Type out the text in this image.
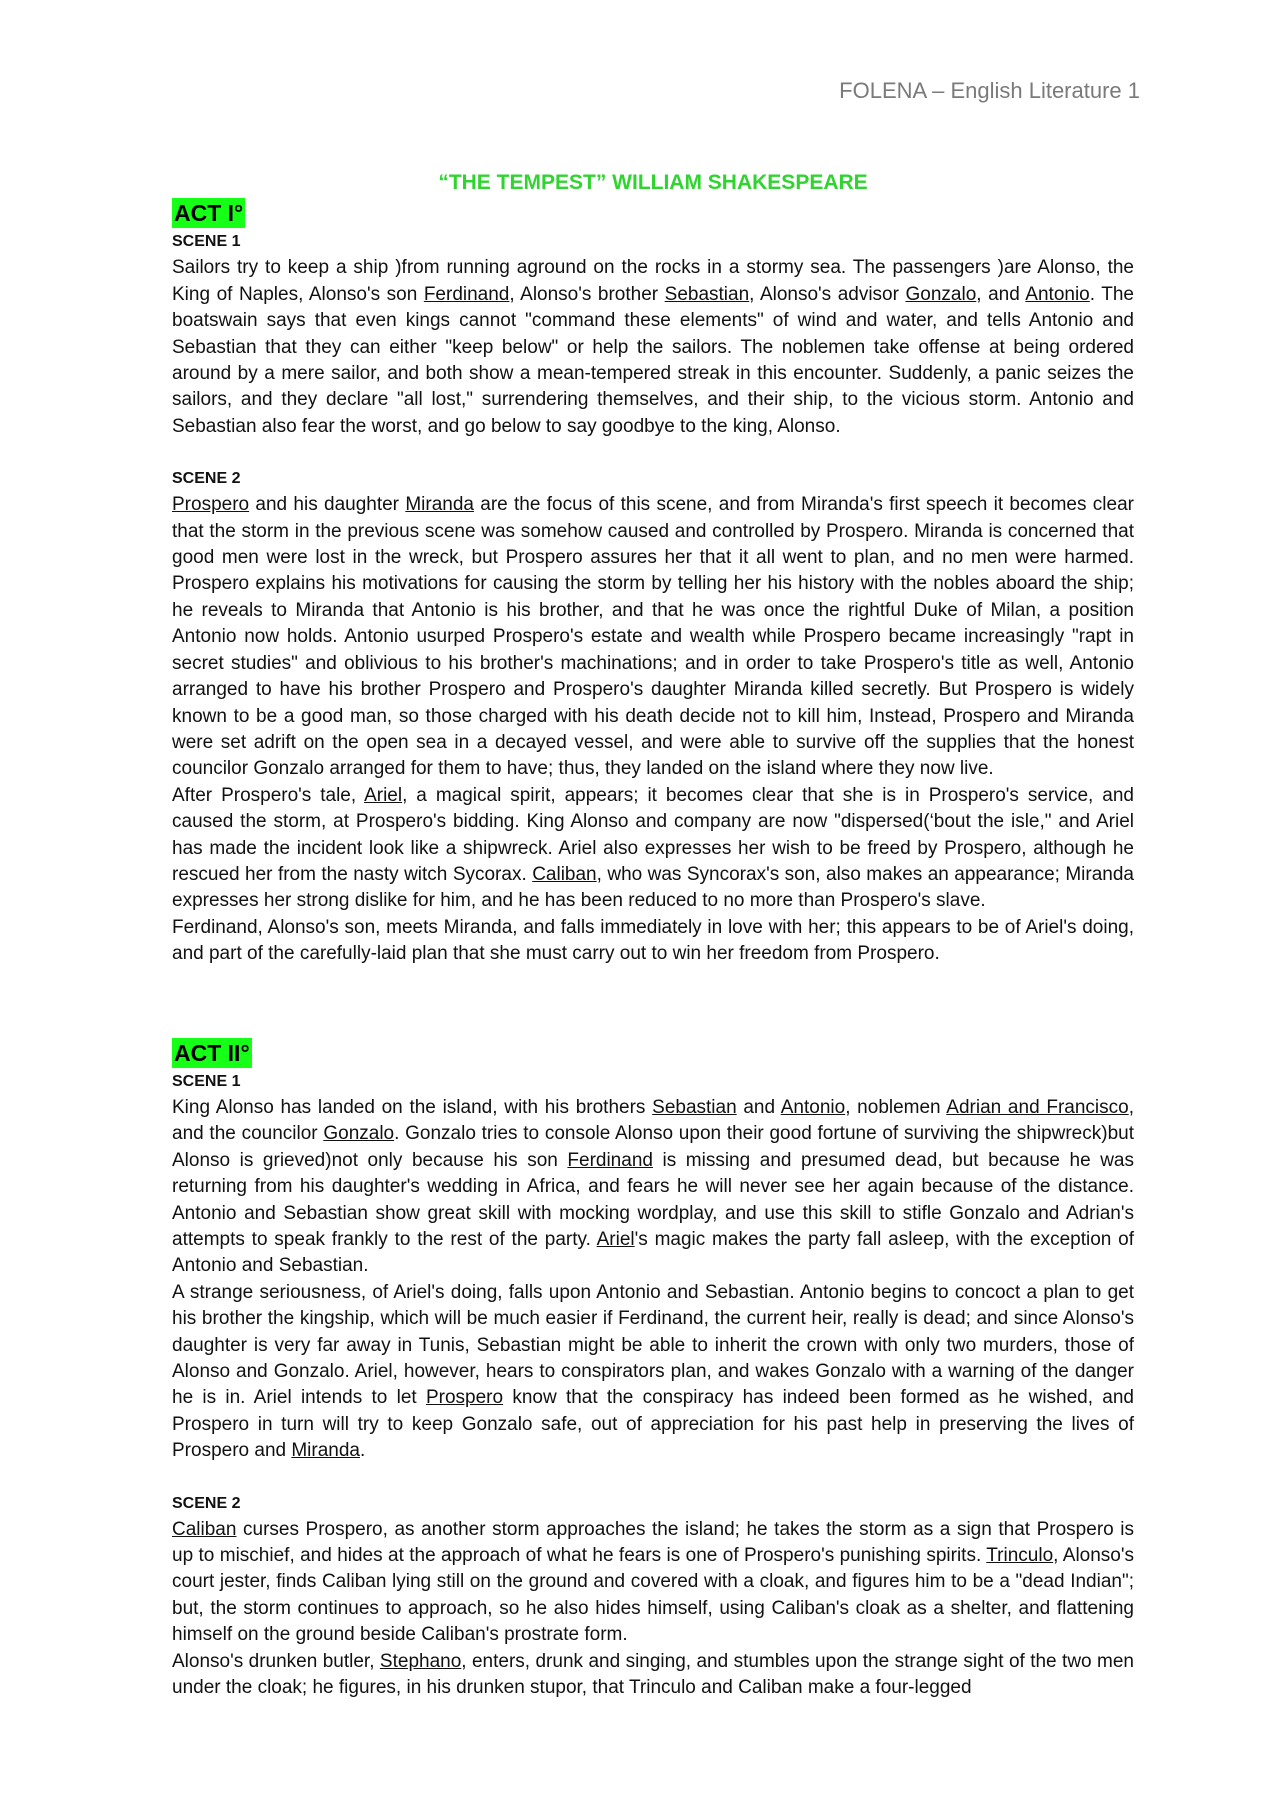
FOLENA – English Literature 1
“THE TEMPEST” WILLIAM SHAKESPEARE
ACT I°
SCENE 1

Sailors try to keep a ship )from running aground on the rocks in a stormy sea. The passengers )are Alonso, the King of Naples, Alonso's son Ferdinand, Alonso's brother Sebastian, Alonso's advisor Gonzalo, and Antonio. The boatswain says that even kings cannot "command these elements" of wind and water, and tells Antonio and Sebastian that they can either "keep below" or help the sailors. The noblemen take offense at being ordered around by a mere sailor, and both show a mean-tempered streak in this encounter. Suddenly, a panic seizes the sailors, and they declare "all lost," surrendering themselves, and their ship, to the vicious storm. Antonio and Sebastian also fear the worst, and go below to say goodbye to the king, Alonso.

SCENE 2

Prospero and his daughter Miranda are the focus of this scene, and from Miranda's first speech it becomes clear that the storm in the previous scene was somehow caused and controlled by Prospero. Miranda is concerned that good men were lost in the wreck, but Prospero assures her that it all went to plan, and no men were harmed. Prospero explains his motivations for causing the storm by telling her his history with the nobles aboard the ship; he reveals to Miranda that Antonio is his brother, and that he was once the rightful Duke of Milan, a position Antonio now holds. Antonio usurped Prospero's estate and wealth while Prospero became increasingly "rapt in secret studies" and oblivious to his brother's machinations; and in order to take Prospero's title as well, Antonio arranged to have his brother Prospero and Prospero's daughter Miranda killed secretly. But Prospero is widely known to be a good man, so those charged with his death decide not to kill him, Instead, Prospero and Miranda were set adrift on the open sea in a decayed vessel, and were able to survive off the supplies that the honest councilor Gonzalo arranged for them to have; thus, they landed on the island where they now live.

After Prospero's tale, Ariel, a magical spirit, appears; it becomes clear that she is in Prospero's service, and caused the storm, at Prospero's bidding. King Alonso and company are now "dispersed(‘bout the isle," and Ariel has made the incident look like a shipwreck. Ariel also expresses her wish to be freed by Prospero, although he rescued her from the nasty witch Sycorax. Caliban, who was Syncorax's son, also makes an appearance; Miranda expresses her strong dislike for him, and he has been reduced to no more than Prospero's slave.

Ferdinand, Alonso's son, meets Miranda, and falls immediately in love with her; this appears to be of Ariel's doing, and part of the carefully-laid plan that she must carry out to win her freedom from Prospero.

ACT II°
SCENE 1

King Alonso has landed on the island, with his brothers Sebastian and Antonio, noblemen Adrian and Francisco, and the councilor Gonzalo. Gonzalo tries to console Alonso upon their good fortune of surviving the shipwreck)but Alonso is grieved)not only because his son Ferdinand is missing and presumed dead, but because he was returning from his daughter's wedding in Africa, and fears he will never see her again because of the distance. Antonio and Sebastian show great skill with mocking wordplay, and use this skill to stifle Gonzalo and Adrian's attempts to speak frankly to the rest of the party. Ariel's magic makes the party fall asleep, with the exception of Antonio and Sebastian.

A strange seriousness, of Ariel's doing, falls upon Antonio and Sebastian. Antonio begins to concoct a plan to get his brother the kingship, which will be much easier if Ferdinand, the current heir, really is dead; and since Alonso's daughter is very far away in Tunis, Sebastian might be able to inherit the crown with only two murders, those of Alonso and Gonzalo. Ariel, however, hears to conspirators plan, and wakes Gonzalo with a warning of the danger he is in. Ariel intends to let Prospero know that the conspiracy has indeed been formed as he wished, and Prospero in turn will try to keep Gonzalo safe, out of appreciation for his past help in preserving the lives of Prospero and Miranda.

SCENE 2

Caliban curses Prospero, as another storm approaches the island; he takes the storm as a sign that Prospero is up to mischief, and hides at the approach of what he fears is one of Prospero's punishing spirits. Trinculo, Alonso's court jester, finds Caliban lying still on the ground and covered with a cloak, and figures him to be a "dead Indian"; but, the storm continues to approach, so he also hides himself, using Caliban's cloak as a shelter, and flattening himself on the ground beside Caliban's prostrate form.

Alonso's drunken butler, Stephano, enters, drunk and singing, and stumbles upon the strange sight of the two men under the cloak; he figures, in his drunken stupor, that Trinculo and Caliban make a four-legged
